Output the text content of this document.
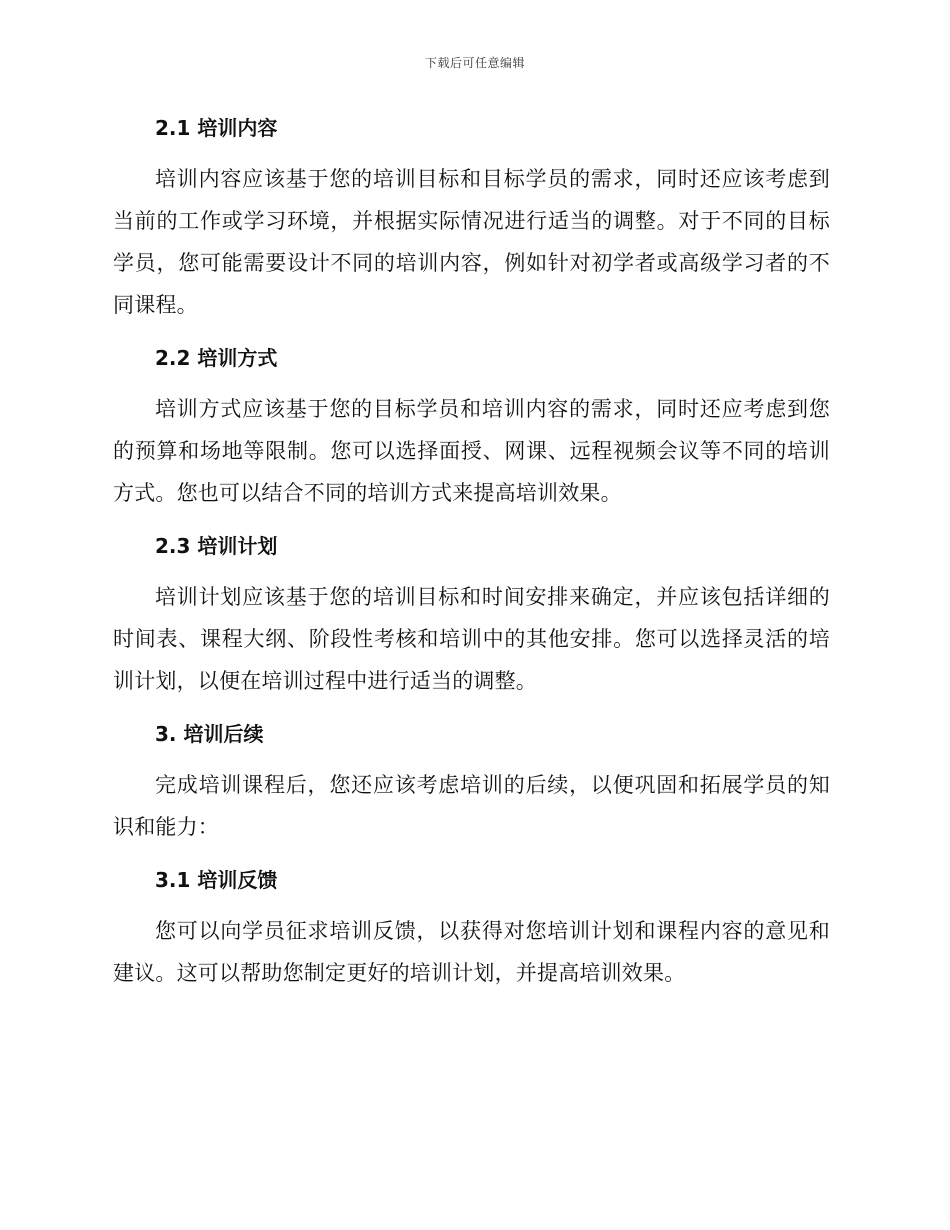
下载后可任意编辑
2.1 培训内容

培训内容应该基于您的培训目标和目标学员的需求，同时还应该考虑到当前的工作或学习环境，并根据实际情况进行适当的调整。对于不同的目标学员，您可能需要设计不同的培训内容，例如针对初学者或高级学习者的不同课程。

2.2 培训方式

培训方式应该基于您的目标学员和培训内容的需求，同时还应考虑到您的预算和场地等限制。您可以选择面授、网课、远程视频会议等不同的培训方式。您也可以结合不同的培训方式来提高培训效果。

2.3 培训计划

培训计划应该基于您的培训目标和时间安排来确定，并应该包括详细的时间表、课程大纲、阶段性考核和培训中的其他安排。您可以选择灵活的培训计划，以便在培训过程中进行适当的调整。

3. 培训后续

完成培训课程后，您还应该考虑培训的后续，以便巩固和拓展学员的知识和能力：

3.1 培训反馈

您可以向学员征求培训反馈，以获得对您培训计划和课程内容的意见和建议。这可以帮助您制定更好的培训计划，并提高培训效果。
